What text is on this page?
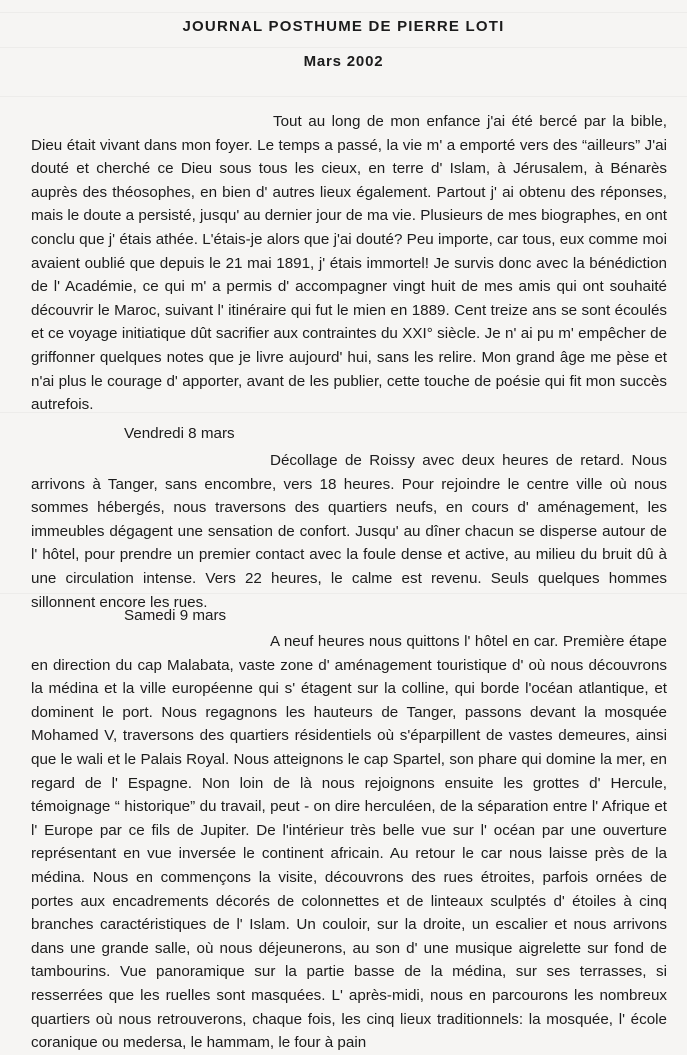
JOURNAL POSTHUME DE PIERRE LOTI
Mars 2002

Tout au long de mon enfance j'ai été bercé par la bible, Dieu était vivant dans mon foyer. Le temps a passé, la vie m' a emporté vers des “ailleurs” J'ai douté et cherché ce Dieu sous tous les cieux, en terre d' Islam, à Jérusalem, à Bénarès auprès des théosophes, en bien d' autres lieux également. Partout j' ai obtenu des réponses, mais le doute a persisté, jusqu' au dernier jour de ma vie. Plusieurs de mes biographes, en ont conclu que j' étais athée. L'étais-je alors que j'ai douté? Peu importe, car tous, eux comme moi avaient oublié que depuis le 21 mai 1891, j' étais immortel! Je survis donc avec la bénédiction de l' Académie, ce qui m' a permis d' accompagner vingt huit de mes amis qui ont souhaité découvrir le Maroc, suivant l' itinéraire qui fut le mien en 1889. Cent treize ans se sont écoulés et ce voyage initiatique dût sacrifier aux contraintes du XXI° siècle. Je n' ai pu m' empêcher de griffonner quelques notes que je livre aujourd' hui, sans les relire. Mon grand âge me pèse et n'ai plus le courage d' apporter, avant de les publier, cette touche de poésie qui fit mon succès autrefois.

Vendredi 8 mars

Décollage de Roissy avec deux heures de retard. Nous arrivons à Tanger, sans encombre, vers 18 heures. Pour rejoindre le centre ville où nous sommes hébergés, nous traversons des quartiers neufs, en cours d' aménagement, les immeubles dégagent une sensation de confort. Jusqu' au dîner chacun se disperse autour de l' hôtel, pour prendre un premier contact avec la foule dense et active, au milieu du bruit dû à une circulation intense. Vers 22 heures, le calme est revenu. Seuls quelques hommes sillonnent encore les rues.

Samedi 9 mars

A neuf heures nous quittons l' hôtel en car. Première étape en direction du cap Malabata, vaste zone d' aménagement touristique d' où nous découvrons la médina et la ville européenne qui s' étagent sur la colline, qui borde l'océan atlantique, et dominent le port. Nous regagnons les hauteurs de Tanger, passons devant la mosquée Mohamed V, traversons des quartiers résidentiels où s'éparpillent de vastes demeures, ainsi que le wali et le Palais Royal. Nous atteignons le cap Spartel, son phare qui domine la mer, en regard de l' Espagne. Non loin de là nous rejoignons ensuite les grottes d' Hercule, témoignage “ historique” du travail, peut - on dire herculéen, de la séparation entre l' Afrique et l' Europe par ce fils de Jupiter. De l'intérieur très belle vue sur l' océan par une ouverture représentant en vue inversée le continent africain. Au retour le car nous laisse près de la médina. Nous en commençons la visite, découvrons des rues étroites, parfois ornées de portes aux encadrements décorés de colonnettes et de linteaux sculptés d' étoiles à cinq branches caractéristiques de l' Islam. Un couloir, sur la droite, un escalier et nous arrivons dans une grande salle, où nous déjeunerons, au son d' une musique aigrelette sur fond de tambourins. Vue panoramique sur la partie basse de la médina, sur ses terrasses, si resserrées que les ruelles sont masquées. L' après-midi, nous en parcourons les nombreux quartiers où nous retrouverons, chaque fois, les cinq lieux traditionnels: la mosquée, l' école coranique ou medersa, le hammam, le four à pain
